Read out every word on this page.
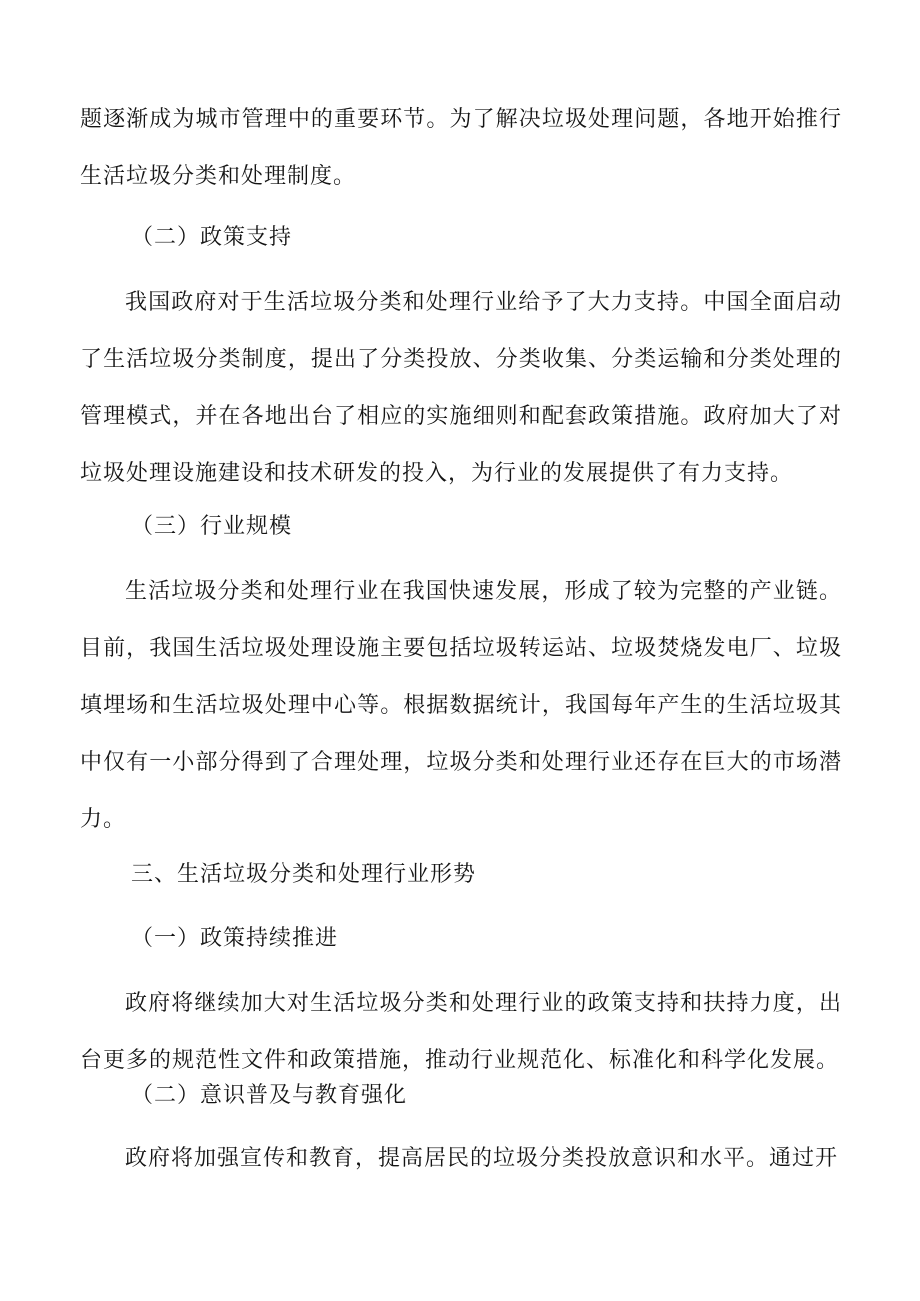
题逐渐成为城市管理中的重要环节。为了解决垃圾处理问题，各地开始推行生活垃圾分类和处理制度。
（二）政策支持
我国政府对于生活垃圾分类和处理行业给予了大力支持。中国全面启动了生活垃圾分类制度，提出了分类投放、分类收集、分类运输和分类处理的管理模式，并在各地出台了相应的实施细则和配套政策措施。政府加大了对垃圾处理设施建设和技术研发的投入，为行业的发展提供了有力支持。
（三）行业规模
生活垃圾分类和处理行业在我国快速发展，形成了较为完整的产业链。目前，我国生活垃圾处理设施主要包括垃圾转运站、垃圾焚烧发电厂、垃圾填埋场和生活垃圾处理中心等。根据数据统计，我国每年产生的生活垃圾其中仅有一小部分得到了合理处理，垃圾分类和处理行业还存在巨大的市场潜力。
三、生活垃圾分类和处理行业形势
（一）政策持续推进
政府将继续加大对生活垃圾分类和处理行业的政策支持和扶持力度，出台更多的规范性文件和政策措施，推动行业规范化、标准化和科学化发展。
（二）意识普及与教育强化
政府将加强宣传和教育，提高居民的垃圾分类投放意识和水平。通过开
